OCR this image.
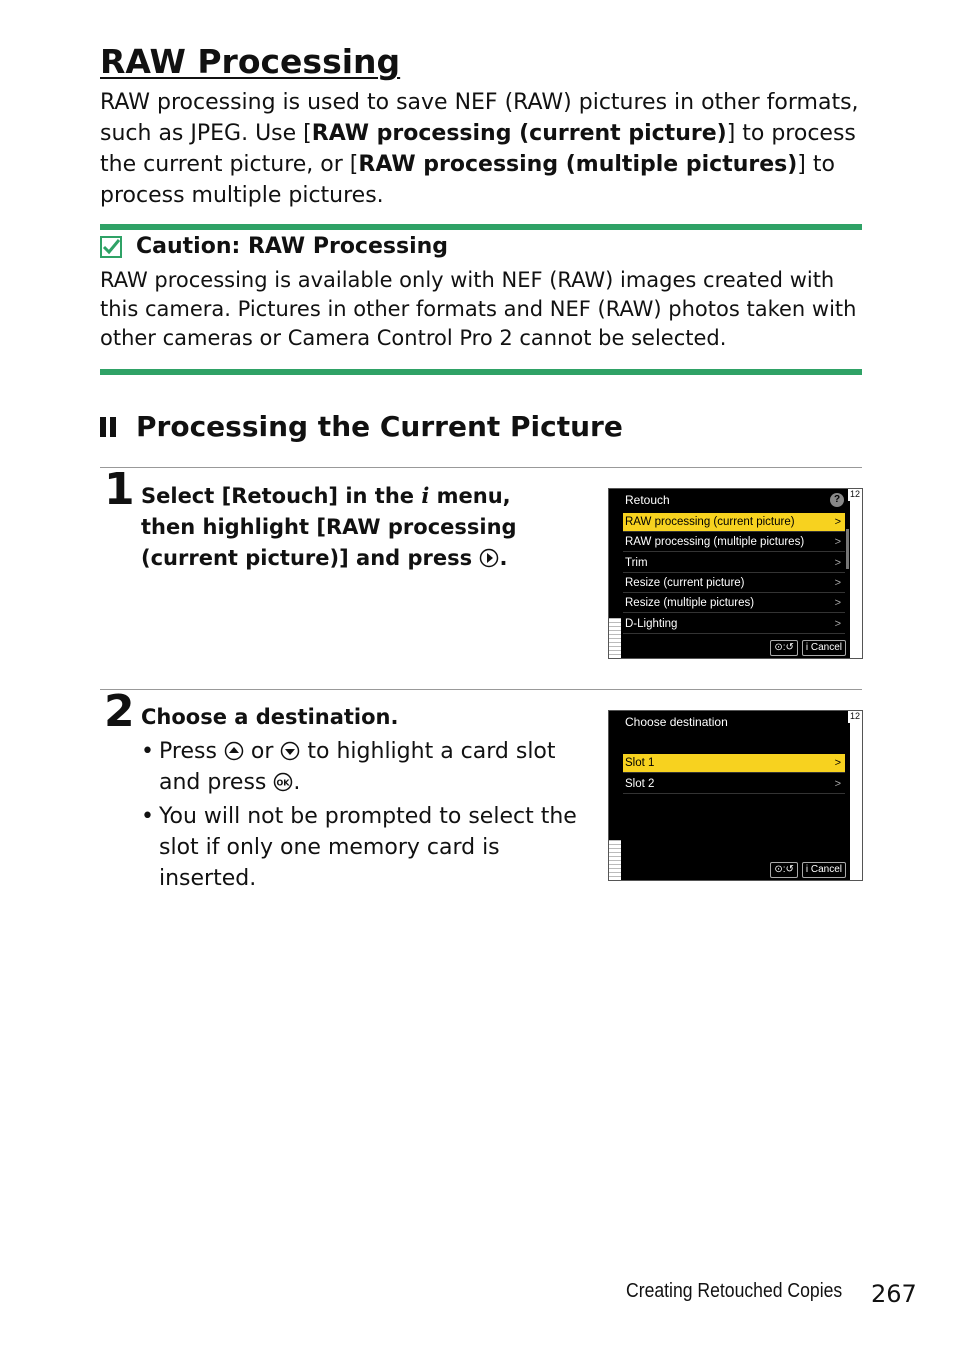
RAW Processing
RAW processing is used to save NEF (RAW) pictures in other formats, such as JPEG. Use [RAW processing (current picture)] to process the current picture, or [RAW processing (multiple pictures)] to process multiple pictures.
Caution: RAW Processing
RAW processing is available only with NEF (RAW) images created with this camera. Pictures in other formats and NEF (RAW) photos taken with other cameras or Camera Control Pro 2 cannot be selected.
Processing the Current Picture
1 Select [Retouch] in the i menu, then highlight [RAW processing (current picture)] and press .
12
Retouch	?
RAW processing (current picture)	>
RAW processing (multiple pictures)	>
Trim	>
Resize (current picture)	>
Resize (multiple pictures)	>
D-Lighting	>
⊙:↺	i Cancel
2 Choose a destination.
• Press  or  to highlight a card slot and press OK .
• You will not be prompted to select the slot if only one memory card is inserted.
12
Choose destination
Slot 1	>
Slot 2	>
⊙:↺	i Cancel
Creating Retouched Copies 267
